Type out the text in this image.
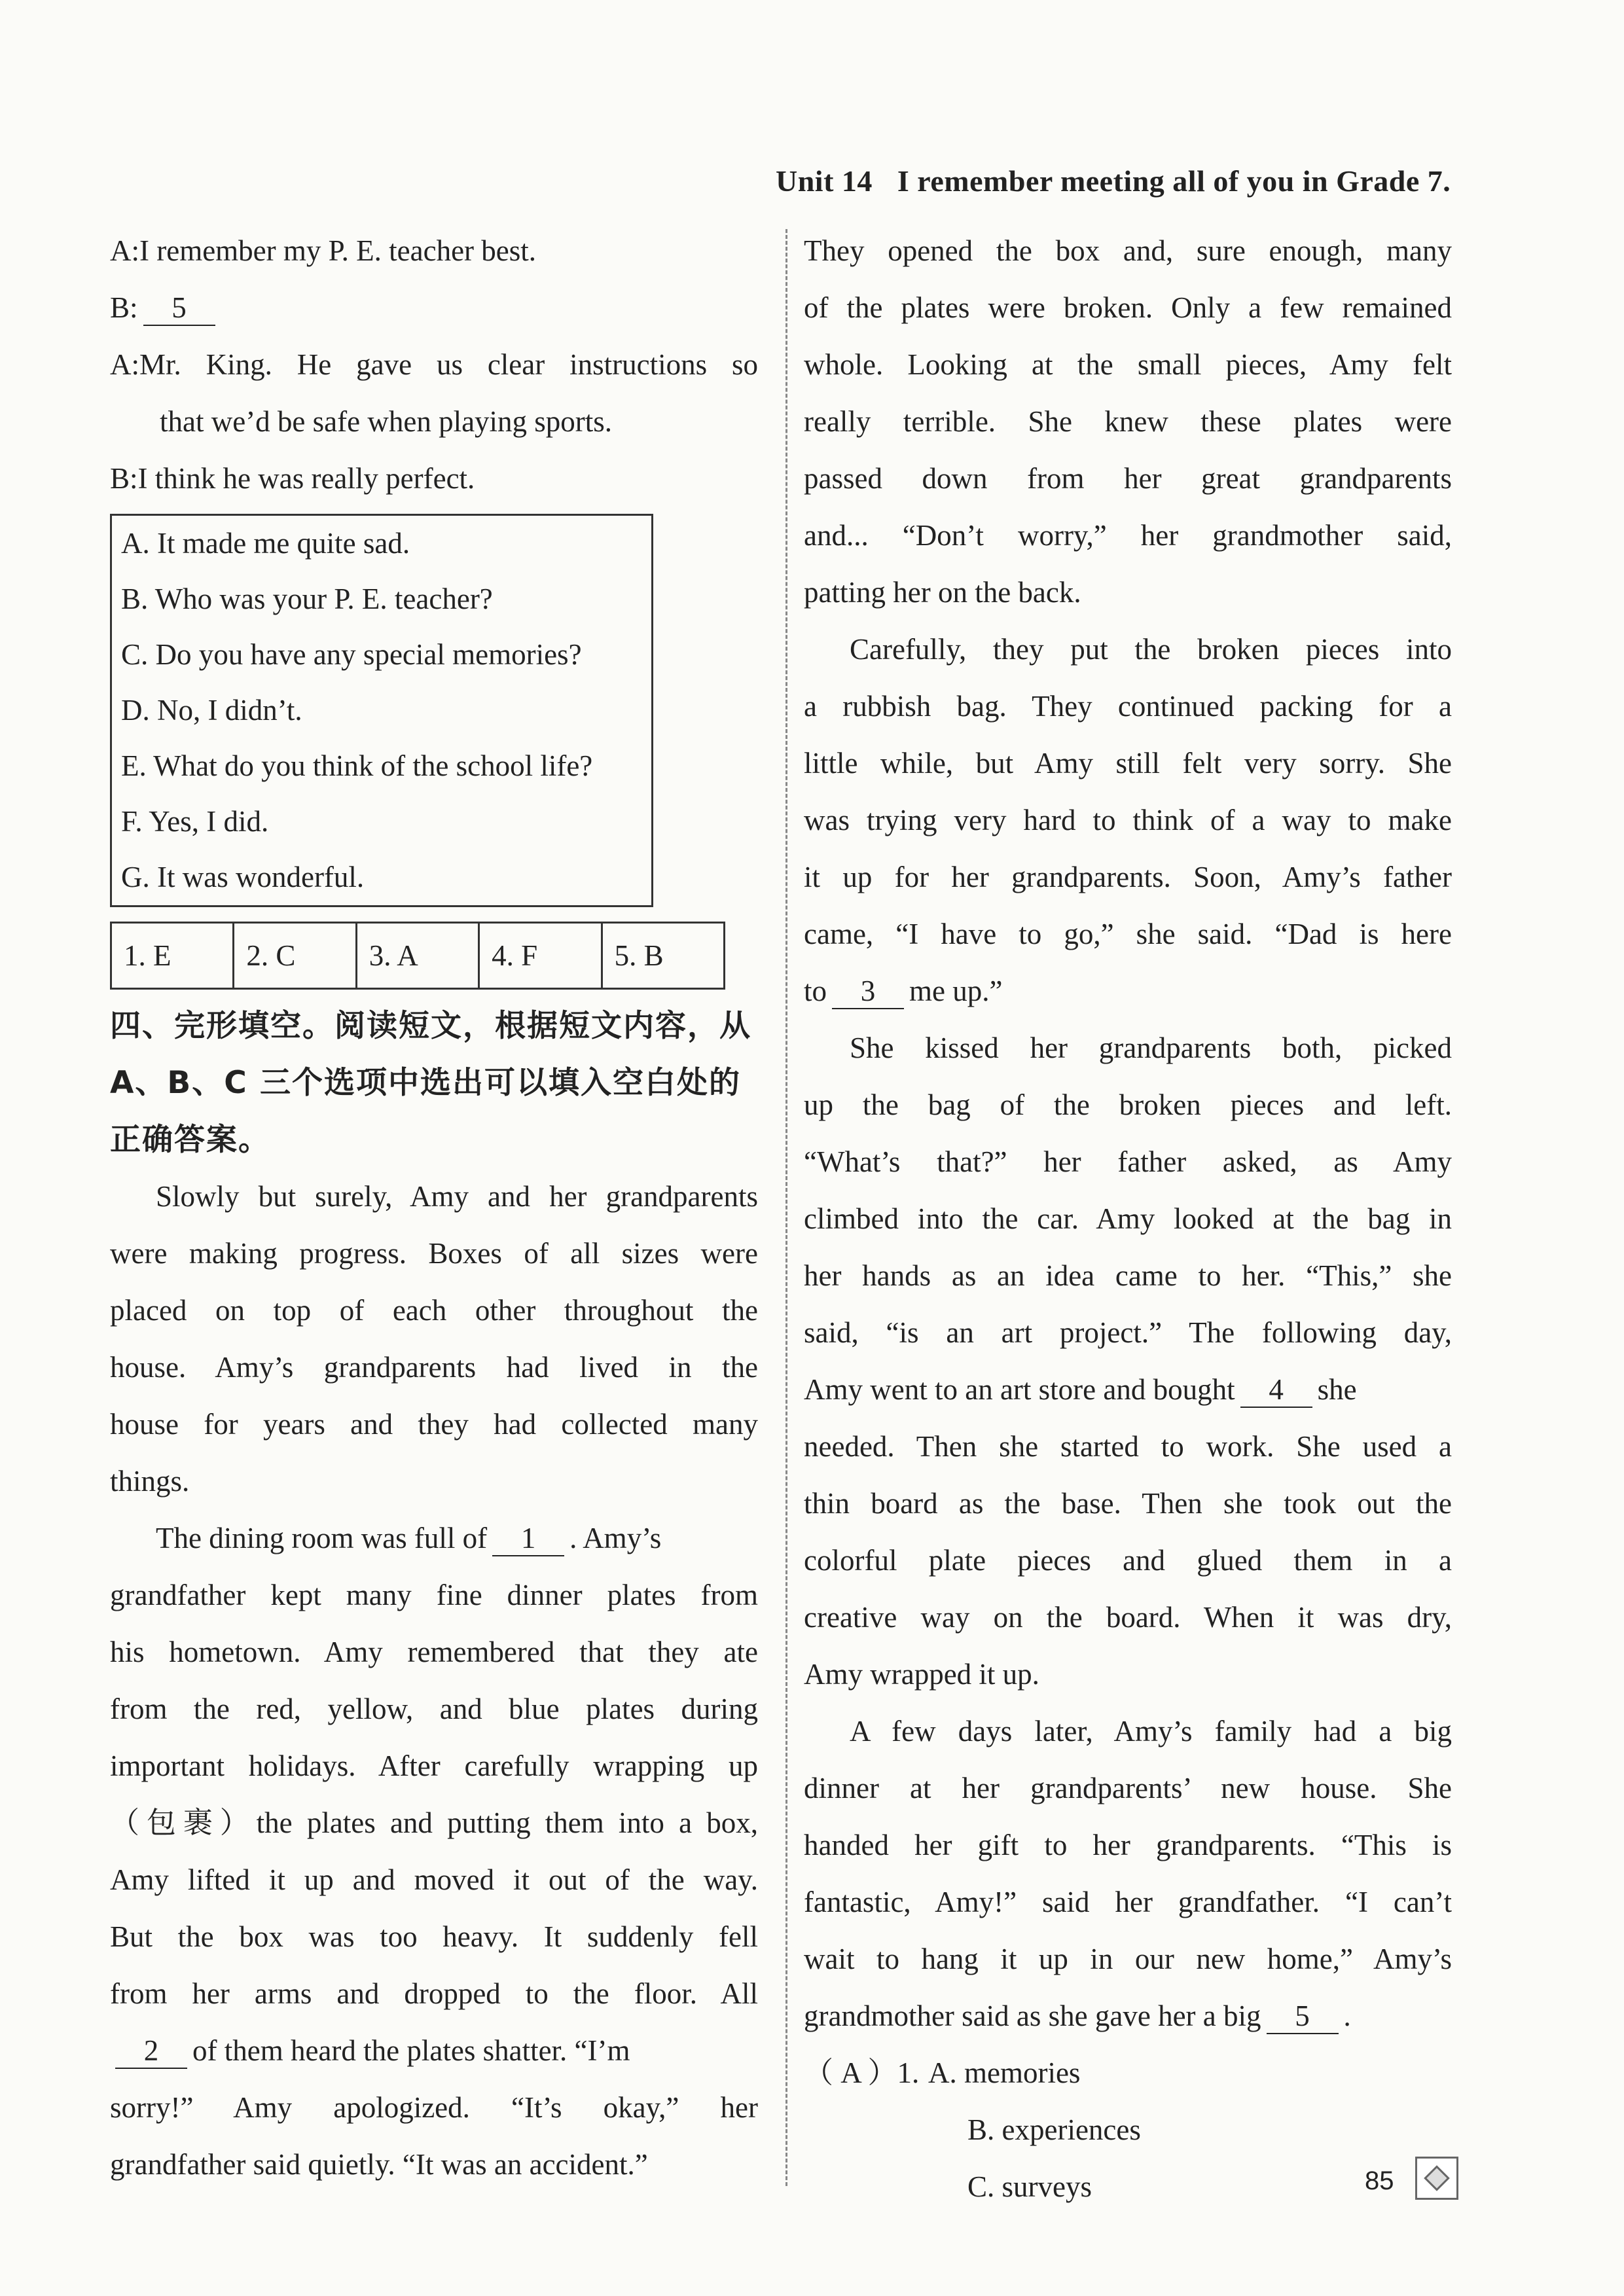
Unit 14 I remember meeting all of you in Grade 7.
A:I remember my P. E. teacher best.
B: 5
A:Mr. King. He gave us clear instructions so
that we’d be safe when playing sports.
B:I think he was really perfect.
A. It made me quite sad.
B. Who was your P. E. teacher?
C. Do you have any special memories?
D. No, I didn’t.
E. What do you think of the school life?
F. Yes, I did.
G. It was wonderful.
1. E	2. C	3. A	4. F	5. B
四、完形填空。阅读短文，根据短文内容，从
A、B、C 三个选项中选出可以填入空白处的
正确答案。
Slowly but surely, Amy and her grandparents
were making progress. Boxes of all sizes were
placed on top of each other throughout the
house. Amy’s grandparents had lived in the
house for years and they had collected many
things.
The dining room was full of 1 . Amy’s
grandfather kept many fine dinner plates from
his hometown. Amy remembered that they ate
from the red, yellow, and blue plates during
important holidays. After carefully wrapping up
（包裹）the plates and putting them into a box,
Amy lifted it up and moved it out of the way.
But the box was too heavy. It suddenly fell
from her arms and dropped to the floor. All
2 of them heard the plates shatter. “I’m
sorry!” Amy apologized. “It’s okay,” her
grandfather said quietly. “It was an accident.”
They opened the box and, sure enough, many
of the plates were broken. Only a few remained
whole. Looking at the small pieces, Amy felt
really terrible. She knew these plates were
passed down from her great grandparents
and... “Don’t worry,” her grandmother said,
patting her on the back.
Carefully, they put the broken pieces into
a rubbish bag. They continued packing for a
little while, but Amy still felt very sorry. She
was trying very hard to think of a way to make
it up for her grandparents. Soon, Amy’s father
came, “I have to go,” she said. “Dad is here
to 3 me up.”
She kissed her grandparents both, picked
up the bag of the broken pieces and left.
“What’s that?” her father asked, as Amy
climbed into the car. Amy looked at the bag in
her hands as an idea came to her. “This,” she
said, “is an art project.” The following day,
Amy went to an art store and bought 4 she
needed. Then she started to work. She used a
thin board as the base. Then she took out the
colorful plate pieces and glued them in a
creative way on the board. When it was dry,
Amy wrapped it up.
A few days later, Amy’s family had a big
dinner at her grandparents’ new house. She
handed her gift to her grandparents. “This is
fantastic, Amy!” said her grandfather. “I can’t
wait to hang it up in our new home,” Amy’s
grandmother said as she gave her a big 5 .
（ A ）1. A. memories
B. experiences
C. surveys	85
